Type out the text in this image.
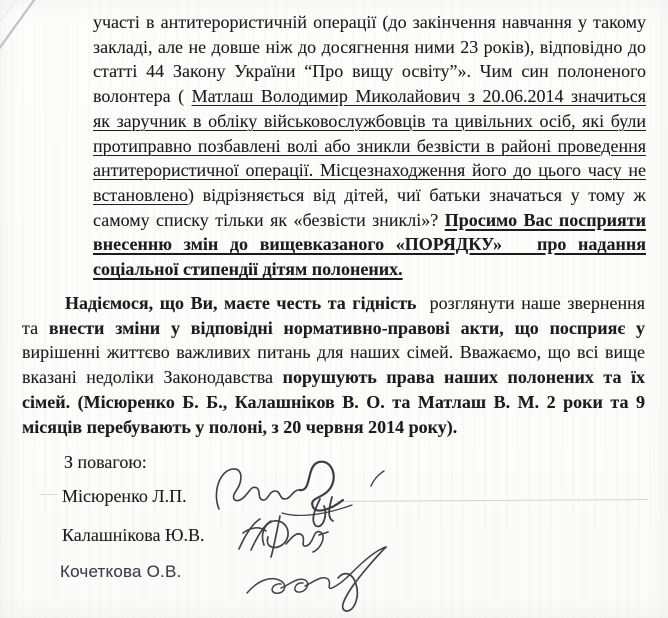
участі в антитерористичній операції (до закінчення навчання у такому
закладі, але не довше ніж до досягнення ними 23 років), відповідно до
статті 44 Закону України “Про вищу освіту”». Чим син полоненого
волонтера ( Матлаш Володимир Миколайович з 20.06.2014 значиться
як заручник в обліку військовослужбовців та цивільних осіб, які були
протиправно позбавлені волі або зникли безвісти в районі проведення
антитерористичної операції. Місцезнаходження його до цього часу не
встановлено) відрізняється від дітей, чиї батьки значаться у тому ж
самому списку тільки як «безвісти зниклі»? Просимо Вас посприяти
внесенню змін до вищевказаного «ПОРЯДКУ»   про надання
соціальної стипендії дітям полонених.
Надіємося, що Ви, маєте честь та гідність  розглянути наше звернення
та внести зміни у відповідні нормативно-правові акти, що посприяє у
вирішенні життєво важливих питань для наших сімей. Вважаємо, що всі вище
вказані недоліки Законодавства порушують права наших полонених та їх
сімей. (Місюренко Б. Б., Калашніков В. О. та Матлаш В. М. 2 роки та 9
місяців перебувають у полоні, з 20 червня 2014 року).
З повагою:
Місюренко Л.П.
Калашнікова Ю.В.
Кочеткова О.В.
